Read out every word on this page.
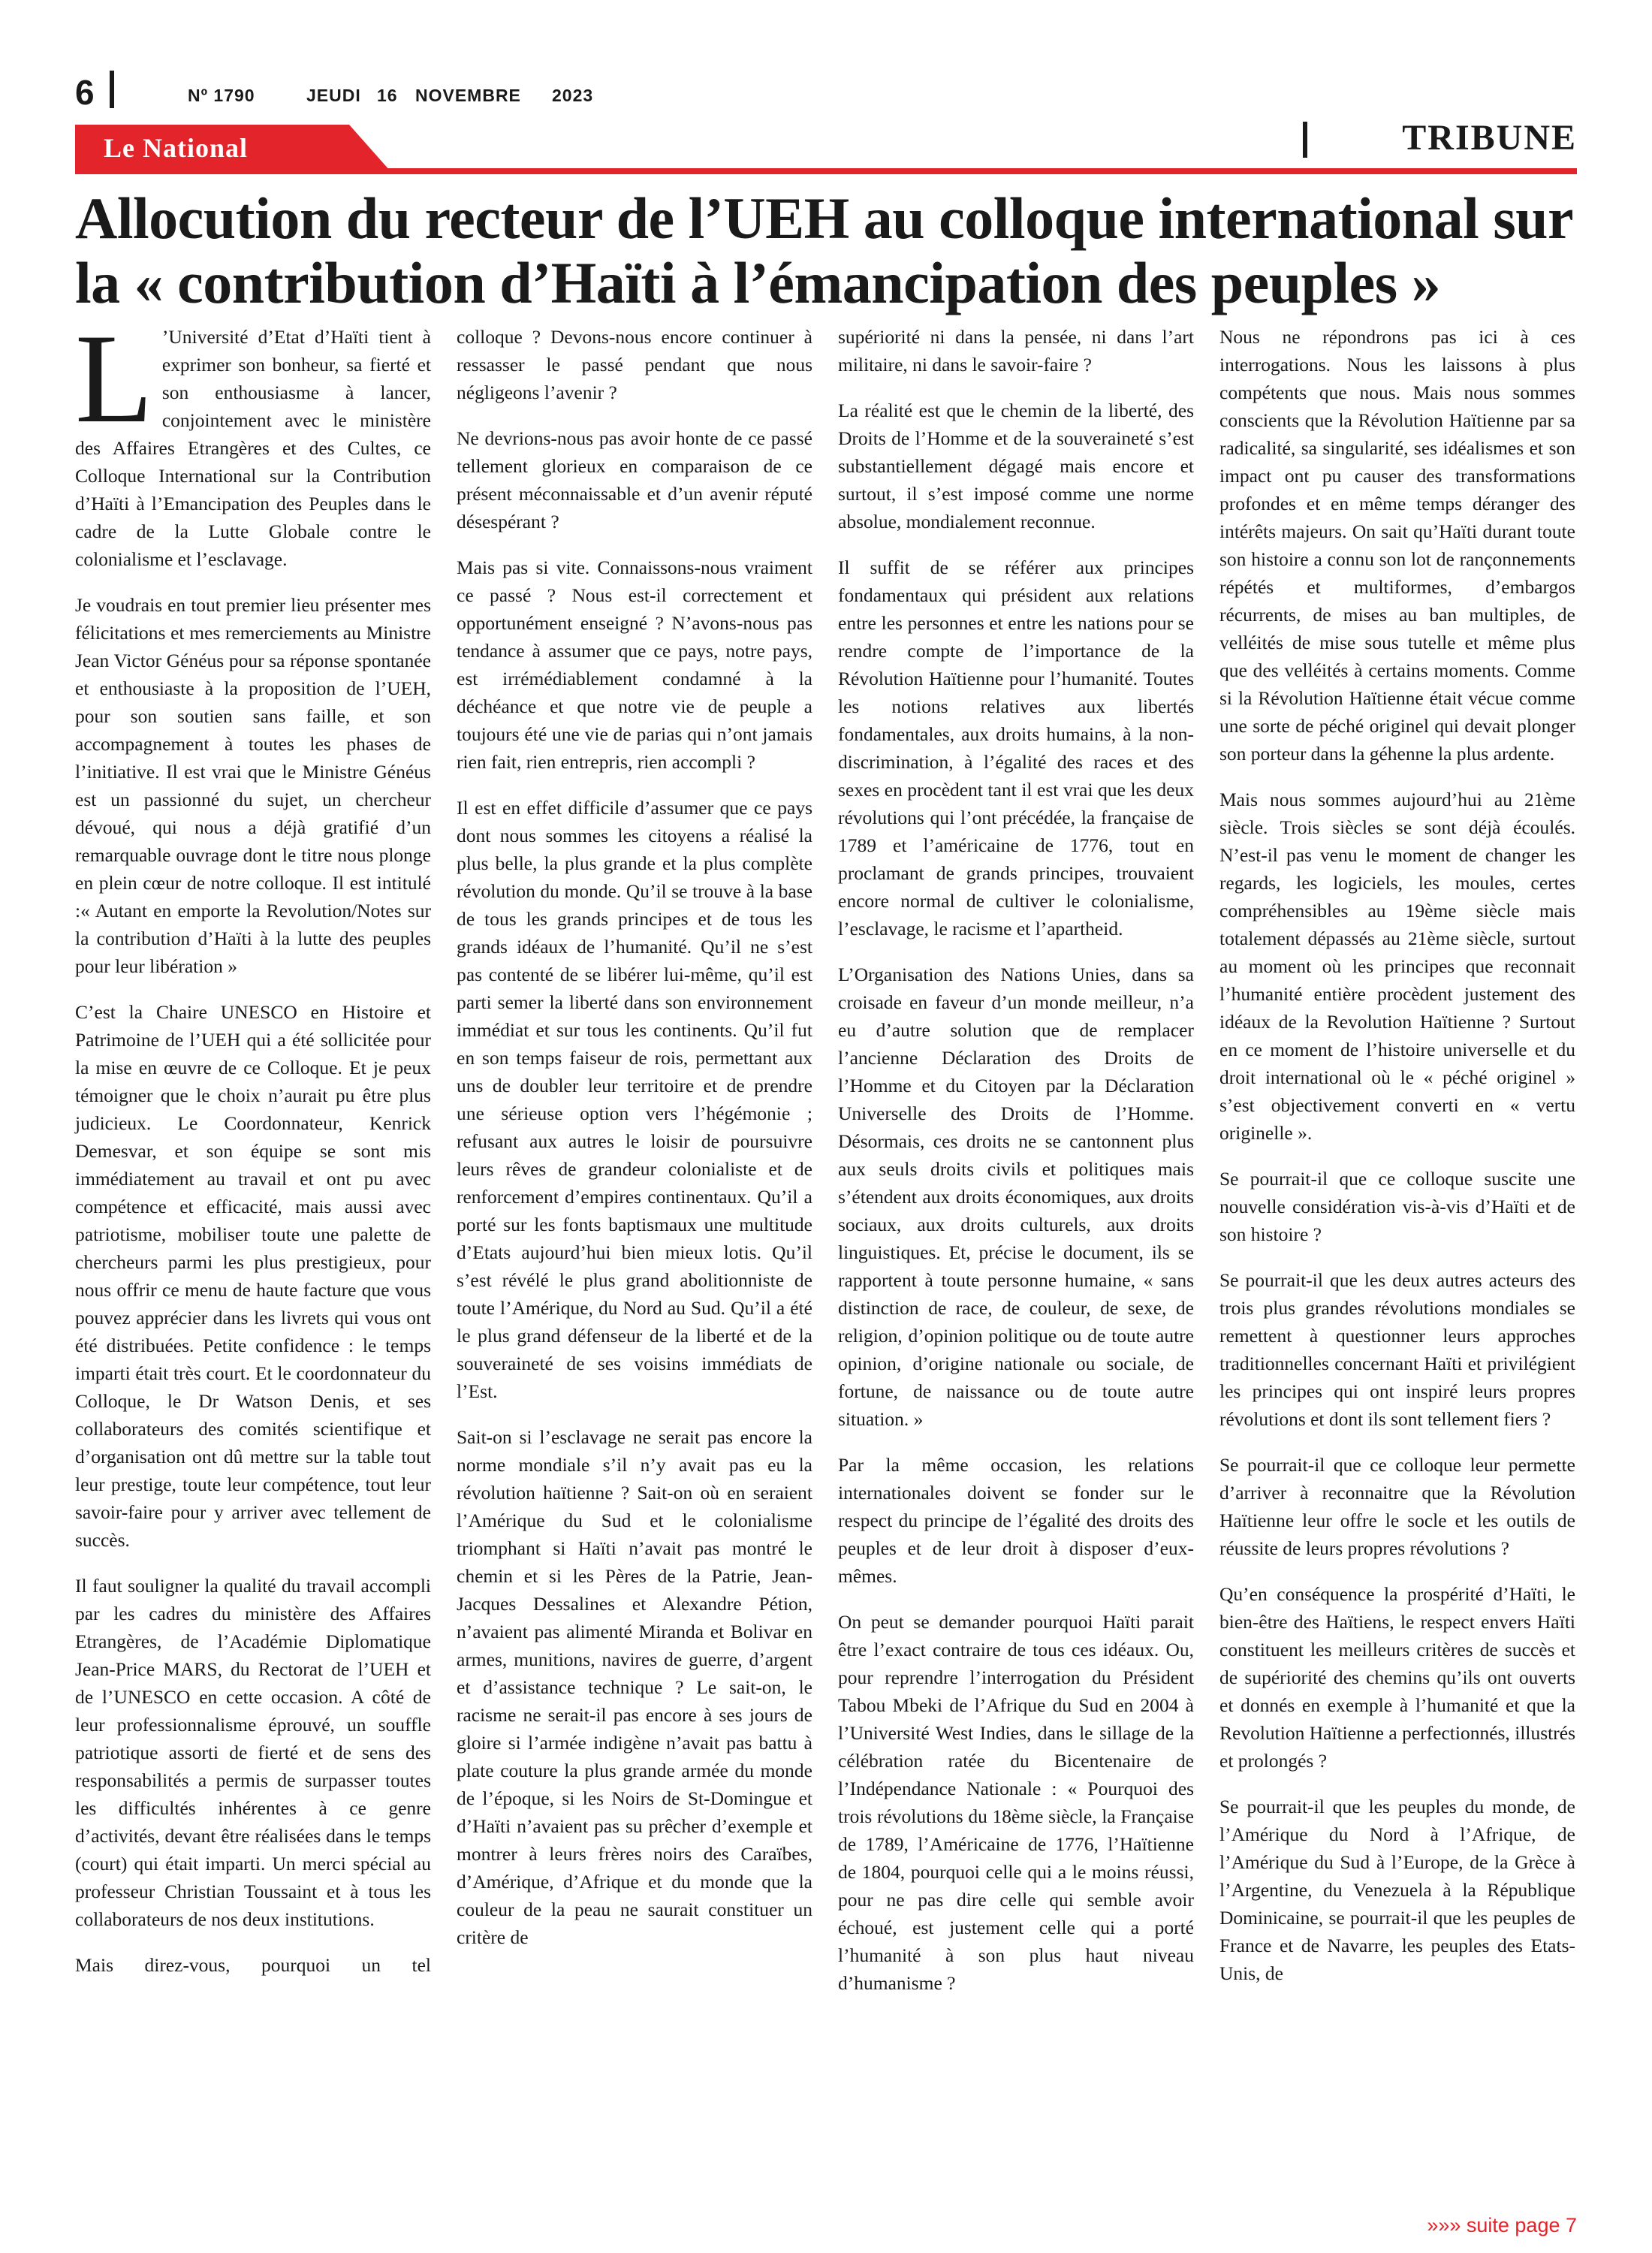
6	Nº 1790	JEUDI 16 NOVEMBRE 2023
Le National	TRIBUNE
Allocution du recteur de l’UEH au colloque international sur la « contribution d’Haïti à l’émancipation des peuples »

L ’Université d’Etat d’Haïti tient à exprimer son bonheur, sa fierté et son enthousiasme à lancer, conjointement avec le ministère des Affaires Etrangères et des Cultes, ce Colloque International sur la Contribution d’Haïti à l’Emancipation des Peuples dans le cadre de la Lutte Globale contre le colonialisme et l’esclavage.

Je voudrais en tout premier lieu présenter mes félicitations et mes remerciements au Ministre Jean Victor Généus pour sa réponse spontanée et enthousiaste à la proposition de l’UEH, pour son soutien sans faille, et son accompagnement à toutes les phases de l’initiative. Il est vrai que le Ministre Généus est un passionné du sujet, un chercheur dévoué, qui nous a déjà gratifié d’un remarquable ouvrage dont le titre nous plonge en plein cœur de notre colloque. Il est intitulé :« Autant en emporte la Revolution/Notes sur la contribution d’Haïti à la lutte des peuples pour leur libération »

C’est la Chaire UNESCO en Histoire et Patrimoine de l’UEH qui a été sollicitée pour la mise en œuvre de ce Colloque. Et je peux témoigner que le choix n’aurait pu être plus judicieux. Le Coordonnateur, Kenrick Demesvar, et son équipe se sont mis immédiatement au travail et ont pu avec compétence et efficacité, mais aussi avec patriotisme, mobiliser toute une palette de chercheurs parmi les plus prestigieux, pour nous offrir ce menu de haute facture que vous pouvez apprécier dans les livrets qui vous ont été distribuées. Petite confidence : le temps imparti était très court. Et le coordonnateur du Colloque, le Dr Watson Denis, et ses collaborateurs des comités scientifique et d’organisation ont dû mettre sur la table tout leur prestige, toute leur compétence, tout leur savoir-faire pour y arriver avec tellement de succès.

Il faut souligner la qualité du travail accompli par les cadres du ministère des Affaires Etrangères, de l’Académie Diplomatique Jean-Price MARS, du Rectorat de l’UEH et de l’UNESCO en cette occasion. A côté de leur professionnalisme éprouvé, un souffle patriotique assorti de fierté et de sens des responsabilités a permis de surpasser toutes les difficultés inhérentes à ce genre d’activités, devant être réalisées dans le temps (court) qui était imparti. Un merci spécial au professeur Christian Toussaint et à tous les collaborateurs de nos deux institutions.

Mais direz-vous, pourquoi un tel

colloque ? Devons-nous encore continuer à ressasser le passé pendant que nous négligeons l’avenir ?

Ne devrions-nous pas avoir honte de ce passé tellement glorieux en comparaison de ce présent méconnaissable et d’un avenir réputé désespérant ?

Mais pas si vite. Connaissons-nous vraiment ce passé ? Nous est-il correctement et opportunément enseigné ? N’avons-nous pas tendance à assumer que ce pays, notre pays, est irrémédiablement condamné à la déchéance et que notre vie de peuple a toujours été une vie de parias qui n’ont jamais rien fait, rien entrepris, rien accompli ?

Il est en effet difficile d’assumer que ce pays dont nous sommes les citoyens a réalisé la plus belle, la plus grande et la plus complète révolution du monde. Qu’il se trouve à la base de tous les grands principes et de tous les grands idéaux de l’humanité. Qu’il ne s’est pas contenté de se libérer lui-même, qu’il est parti semer la liberté dans son environnement immédiat et sur tous les continents. Qu’il fut en son temps faiseur de rois, permettant aux uns de doubler leur territoire et de prendre une sérieuse option vers l’hégémonie ; refusant aux autres le loisir de poursuivre leurs rêves de grandeur colonialiste et de renforcement d’empires continentaux. Qu’il a porté sur les fonts baptismaux une multitude d’Etats aujourd’hui bien mieux lotis. Qu’il s’est révélé le plus grand abolitionniste de toute l’Amérique, du Nord au Sud. Qu’il a été le plus grand défenseur de la liberté et de la souveraineté de ses voisins immédiats de l’Est.

Sait-on si l’esclavage ne serait pas encore la norme mondiale s’il n’y avait pas eu la révolution haïtienne ? Sait-on où en seraient l’Amérique du Sud et le colonialisme triomphant si Haïti n’avait pas montré le chemin et si les Pères de la Patrie, Jean-Jacques Dessalines et Alexandre Pétion, n’avaient pas alimenté Miranda et Bolivar en armes, munitions, navires de guerre, d’argent et d’assistance technique ? Le sait-on, le racisme ne serait-il pas encore à ses jours de gloire si l’armée indigène n’avait pas battu à plate couture la plus grande armée du monde de l’époque, si les Noirs de St-Domingue et d’Haïti n’avaient pas su prêcher d’exemple et montrer à leurs frères noirs des Caraïbes, d’Amérique, d’Afrique et du monde que la couleur de la peau ne saurait constituer un critère de

supériorité ni dans la pensée, ni dans l’art militaire, ni dans le savoir-faire ?

La réalité est que le chemin de la liberté, des Droits de l’Homme et de la souveraineté s’est substantiellement dégagé mais encore et surtout, il s’est imposé comme une norme absolue, mondialement reconnue.

Il suffit de se référer aux principes fondamentaux qui président aux relations entre les personnes et entre les nations pour se rendre compte de l’importance de la Révolution Haïtienne pour l’humanité. Toutes les notions relatives aux libertés fondamentales, aux droits humains, à la non-discrimination, à l’égalité des races et des sexes en procèdent tant il est vrai que les deux révolutions qui l’ont précédée, la française de 1789 et l’américaine de 1776, tout en proclamant de grands principes, trouvaient encore normal de cultiver le colonialisme, l’esclavage, le racisme et l’apartheid.

L’Organisation des Nations Unies, dans sa croisade en faveur d’un monde meilleur, n’a eu d’autre solution que de remplacer l’ancienne Déclaration des Droits de l’Homme et du Citoyen par la Déclaration Universelle des Droits de l’Homme. Désormais, ces droits ne se cantonnent plus aux seuls droits civils et politiques mais s’étendent aux droits économiques, aux droits sociaux, aux droits culturels, aux droits linguistiques. Et, précise le document, ils se rapportent à toute personne humaine, « sans distinction de race, de couleur, de sexe, de religion, d’opinion politique ou de toute autre opinion, d’origine nationale ou sociale, de fortune, de naissance ou de toute autre situation. »

Par la même occasion, les relations internationales doivent se fonder sur le respect du principe de l’égalité des droits des peuples et de leur droit à disposer d’eux-mêmes.

On peut se demander pourquoi Haïti parait être l’exact contraire de tous ces idéaux. Ou, pour reprendre l’interrogation du Président Tabou Mbeki de l’Afrique du Sud en 2004 à l’Université West Indies, dans le sillage de la célébration ratée du Bicentenaire de l’Indépendance Nationale : « Pourquoi des trois révolutions du 18ème siècle, la Française de 1789, l’Américaine de 1776, l’Haïtienne de 1804, pourquoi celle qui a le moins réussi, pour ne pas dire celle qui semble avoir échoué, est justement celle qui a porté l’humanité à son plus haut niveau d’humanisme ?

Nous ne répondrons pas ici à ces interrogations. Nous les laissons à plus compétents que nous. Mais nous sommes conscients que la Révolution Haïtienne par sa radicalité, sa singularité, ses idéalismes et son impact ont pu causer des transformations profondes et en même temps déranger des intérêts majeurs. On sait qu’Haïti durant toute son histoire a connu son lot de rançonnements répétés et multiformes, d’embargos récurrents, de mises au ban multiples, de velléités de mise sous tutelle et même plus que des velléités à certains moments. Comme si la Révolution Haïtienne était vécue comme une sorte de péché originel qui devait plonger son porteur dans la géhenne la plus ardente.

Mais nous sommes aujourd’hui au 21ème siècle. Trois siècles se sont déjà écoulés. N’est-il pas venu le moment de changer les regards, les logiciels, les moules, certes compréhensibles au 19ème siècle mais totalement dépassés au 21ème siècle, surtout au moment où les principes que reconnait l’humanité entière procèdent justement des idéaux de la Revolution Haïtienne ? Surtout en ce moment de l’histoire universelle et du droit international où le « péché originel » s’est objectivement converti en « vertu originelle ».

Se pourrait-il que ce colloque suscite une nouvelle considération vis-à-vis d’Haïti et de son histoire ?

Se pourrait-il que les deux autres acteurs des trois plus grandes révolutions mondiales se remettent à questionner leurs approches traditionnelles concernant Haïti et privilégient les principes qui ont inspiré leurs propres révolutions et dont ils sont tellement fiers ?

Se pourrait-il que ce colloque leur permette d’arriver à reconnaitre que la Révolution Haïtienne leur offre le socle et les outils de réussite de leurs propres révolutions ?

Qu’en conséquence la prospérité d’Haïti, le bien-être des Haïtiens, le respect envers Haïti constituent les meilleurs critères de succès et de supériorité des chemins qu’ils ont ouverts et donnés en exemple à l’humanité et que la Revolution Haïtienne a perfectionnés, illustrés et prolongés ?

Se pourrait-il que les peuples du monde, de l’Amérique du Nord à l’Afrique, de l’Amérique du Sud à l’Europe, de la Grèce à l’Argentine, du Venezuela à la République Dominicaine, se pourrait-il que les peuples de France et de Navarre, les peuples des Etats-Unis, de

»»» suite page 7
